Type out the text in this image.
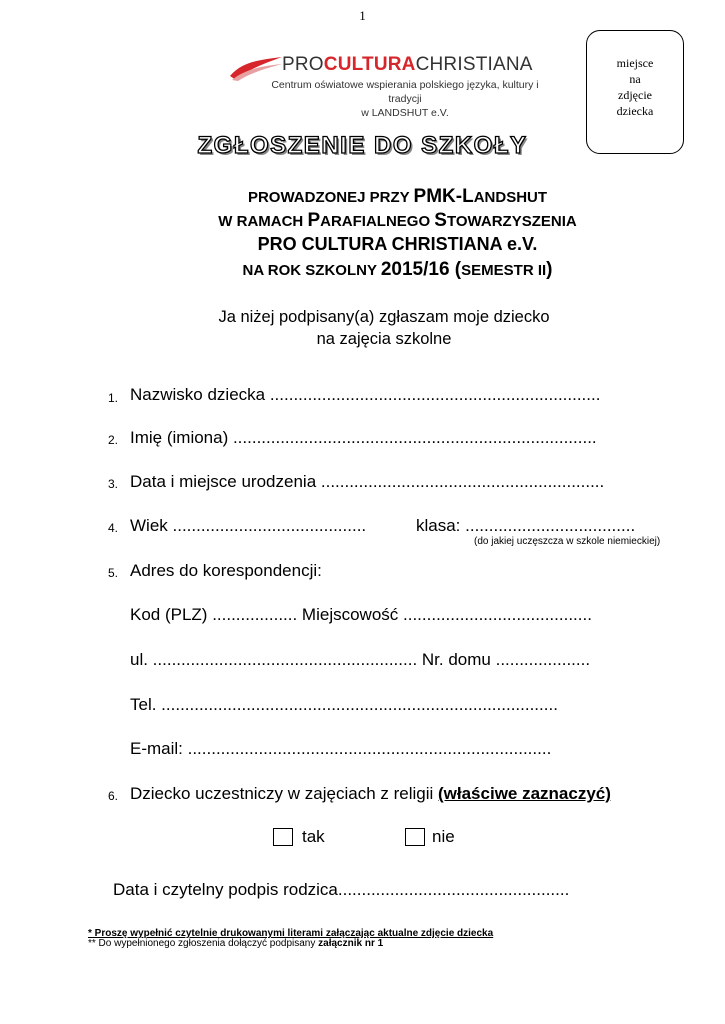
1
miejsce
na
zdjęcie
dziecka
PROCULTURACHRISTIANA
Centrum oświatowe wspierania polskiego języka, kultury i tradycji
w LANDSHUT e.V.
ZGŁOSZENIE DO SZKOŁY
PROWADZONEJ PRZY PMK-LANDSHUT
W RAMACH PARAFIALNEGO STOWARZYSZENIA
PRO CULTURA CHRISTIANA e.V.
NA ROK SZKOLNY 2015/16 (SEMESTR II)
Ja niżej podpisany(a) zgłaszam moje dziecko
na zajęcia szkolne
1. Nazwisko dziecka ......................................................................
2. Imię (imiona) .............................................................................
3. Data i miejsce urodzenia ............................................................
4. Wiek .........................................	klasa: ....................................
(do jakiej uczęszcza w szkole niemieckiej)
5. Adres do korespondencji:
Kod (PLZ) .................. Miejscowość ........................................
ul. ........................................................ Nr. domu ....................
Tel. ....................................................................................
E-mail: .............................................................................
6. Dziecko uczestniczy w zajęciach z religii (właściwe zaznaczyć)
tak	nie
Data i czytelny podpis rodzica.................................................
* Proszę wypełnić czytelnie drukowanymi literami załączając aktualne zdjęcie dziecka
** Do wypełnionego zgłoszenia dołączyć podpisany załącznik nr 1
